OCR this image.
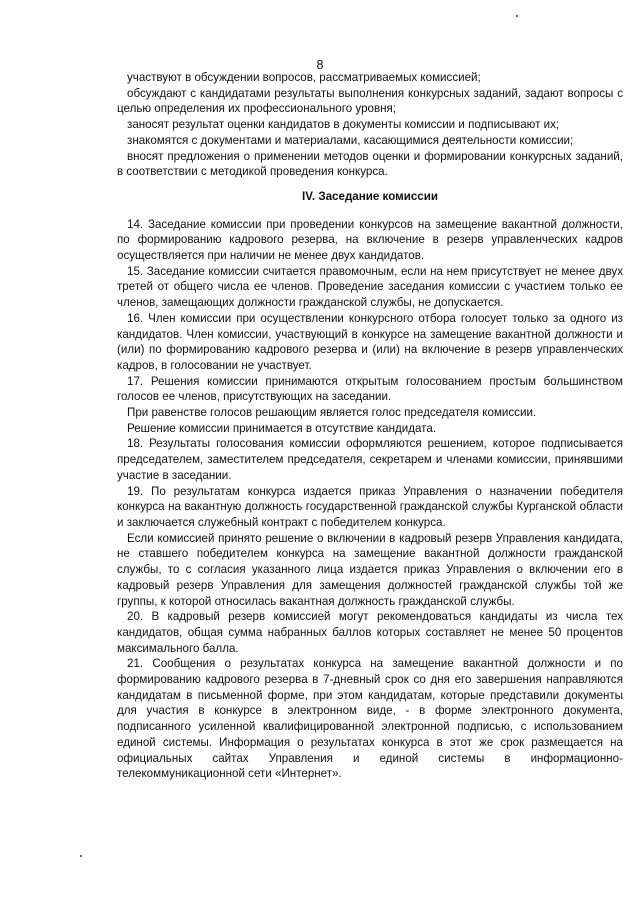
8

участвуют в обсуждении вопросов, рассматриваемых комиссией;

обсуждают с кандидатами результаты выполнения конкурсных заданий, задают вопросы с целью определения их профессионального уровня;

заносят результат оценки кандидатов в документы комиссии и подписывают их;

знакомятся с документами и материалами, касающимися деятельности комиссии;

вносят предложения о применении методов оценки и формировании конкурсных заданий, в соответствии с методикой проведения конкурса.

IV. Заседание комиссии

14. Заседание комиссии при проведении конкурсов на замещение вакантной должности, по формированию кадрового резерва, на включение в резерв управленческих кадров осуществляется при наличии не менее двух кандидатов.

15. Заседание комиссии считается правомочным, если на нем присутствует не менее двух третей от общего числа ее членов. Проведение заседания комиссии с участием только ее членов, замещающих должности гражданской службы, не допускается.

16. Член комиссии при осуществлении конкурсного отбора голосует только за одного из кандидатов. Член комиссии, участвующий в конкурсе на замещение вакантной должности и (или) по формированию кадрового резерва и (или) на включение в резерв управленческих кадров, в голосовании не участвует.

17. Решения комиссии принимаются открытым голосованием простым большинством голосов ее членов, присутствующих на заседании.

При равенстве голосов решающим является голос председателя комиссии.

Решение комиссии принимается в отсутствие кандидата.

18. Результаты голосования комиссии оформляются решением, которое подписывается председателем, заместителем председателя, секретарем и членами комиссии, принявшими участие в заседании.

19. По результатам конкурса издается приказ Управления о назначении победителя конкурса на вакантную должность государственной гражданской службы Курганской области и заключается служебный контракт с победителем конкурса.

Если комиссией принято решение о включении в кадровый резерв Управления кандидата, не ставшего победителем конкурса на замещение вакантной должности гражданской службы, то с согласия указанного лица издается приказ Управления о включении его в кадровый резерв Управления для замещения должностей гражданской службы той же группы, к которой относилась вакантная должность гражданской службы.

20. В кадровый резерв комиссией могут рекомендоваться кандидаты из числа тех кандидатов, общая сумма набранных баллов которых составляет не менее 50 процентов максимального балла.

21. Сообщения о результатах конкурса на замещение вакантной должности и по формированию кадрового резерва в 7-дневный срок со дня его завершения направляются кандидатам в письменной форме, при этом кандидатам, которые представили документы для участия в конкурсе в электронном виде, - в форме электронного документа, подписанного усиленной квалифицированной электронной подписью, с использованием единой системы. Информация о результатах конкурса в этот же срок размещается на официальных сайтах Управления и единой системы в информационно-телекоммуникационной сети «Интернет».
